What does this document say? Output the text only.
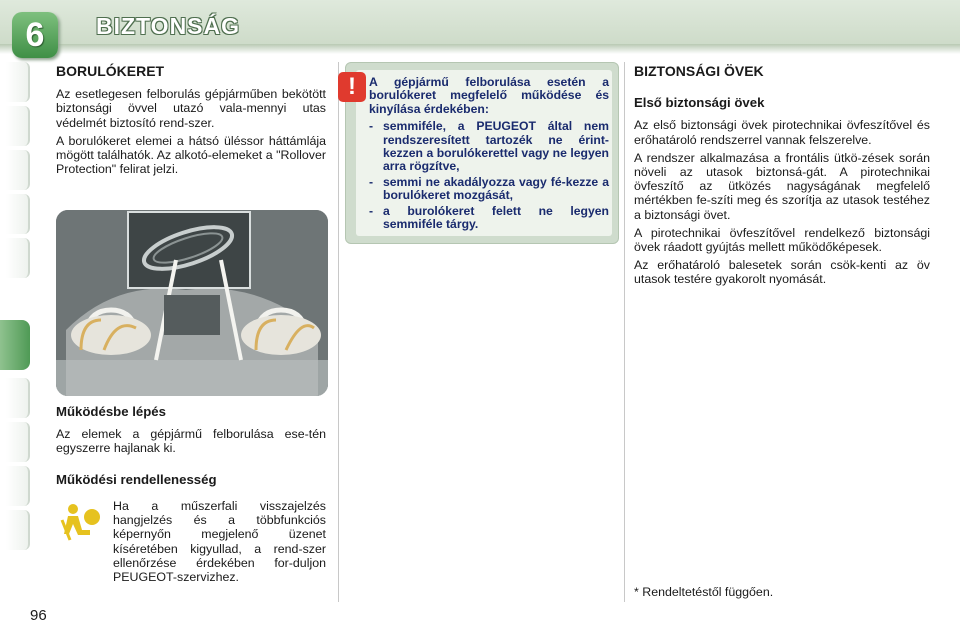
6	BIZTONSÁG
BORULÓKERET

Az esetlegesen felborulás gépjárműben bekötött biztonsági övvel utazó vala-mennyi utas védelmét biztosító rend-szer.

A borulókeret elemei a hátsó üléssor háttámlája mögött találhatók. Az alkotó-elemeket a "Rollover Protection" felirat jelzi.

Működésbe lépés

Az elemek a gépjármű felborulása ese-tén egyszerre hajlanak ki.

Működési rendellenesség

Ha a műszerfali visszajelzés hangjelzés és a többfunkciós képernyőn megjelenő üzenet kíséretében kigyullad, a rend-szer ellenőrzése érdekében for-duljon PEUGEOT-szervizhez.

!	A gépjármű felborulása esetén a borulókeret megfelelő működése és kinyílása érdekében:

- semmiféle, a PEUGEOT által nem rendszeresített tartozék ne érint-kezzen a borulókerettel vagy ne legyen arra rögzítve,
- semmi ne akadályozza vagy fé-kezze a borulókeret mozgását,
- a burolókeret felett ne legyen semmiféle tárgy.
BIZTONSÁGI ÖVEK
Első biztonsági övek

Az első biztonsági övek pirotechnikai övfeszítővel és erőhatároló rendszerrel vannak felszerelve.

A rendszer alkalmazása a frontális ütkö-zések során növeli az utasok biztonsá-gát. A pirotechnikai övfeszítő az ütközés nagyságának megfelelő mértékben fe-szíti meg és szorítja az utasok testéhez a biztonsági övet.

A pirotechnikai övfeszítővel rendelkező biztonsági övek ráadott gyújtás mellett működőképesek.

Az erőhatároló balesetek során csök-kenti az öv utasok testére gyakorolt nyomását.

* Rendeltetéstől függően.
96
